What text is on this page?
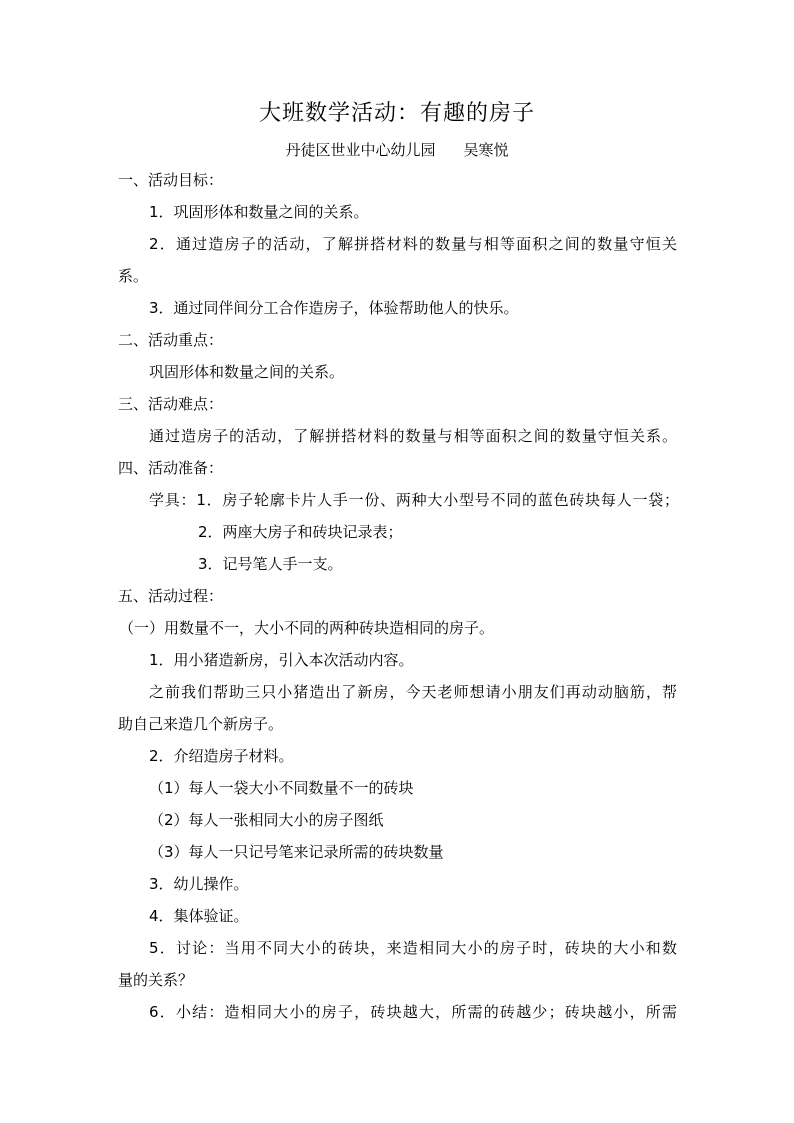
大班数学活动：有趣的房子
丹徒区世业中心幼儿园 吴寒悦
一、活动目标：
1．巩固形体和数量之间的关系。
2．通过造房子的活动，了解拼搭材料的数量与相等面积之间的数量守恒关
系。
3．通过同伴间分工合作造房子，体验帮助他人的快乐。
二、活动重点：
巩固形体和数量之间的关系。
三、活动难点：
通过造房子的活动，了解拼搭材料的数量与相等面积之间的数量守恒关系。
四、活动准备：
学具：1．房子轮廓卡片人手一份、两种大小型号不同的蓝色砖块每人一袋；
2．两座大房子和砖块记录表；
3．记号笔人手一支。
五、活动过程：
（一）用数量不一，大小不同的两种砖块造相同的房子。
1．用小猪造新房，引入本次活动内容。
之前我们帮助三只小猪造出了新房，今天老师想请小朋友们再动动脑筋，帮
助自己来造几个新房子。
2．介绍造房子材料。
（1）每人一袋大小不同数量不一的砖块
（2）每人一张相同大小的房子图纸
（3）每人一只记号笔来记录所需的砖块数量
3．幼儿操作。
4．集体验证。
5．讨论：当用不同大小的砖块，来造相同大小的房子时，砖块的大小和数
量的关系？
6．小结：造相同大小的房子，砖块越大，所需的砖越少；砖块越小，所需
